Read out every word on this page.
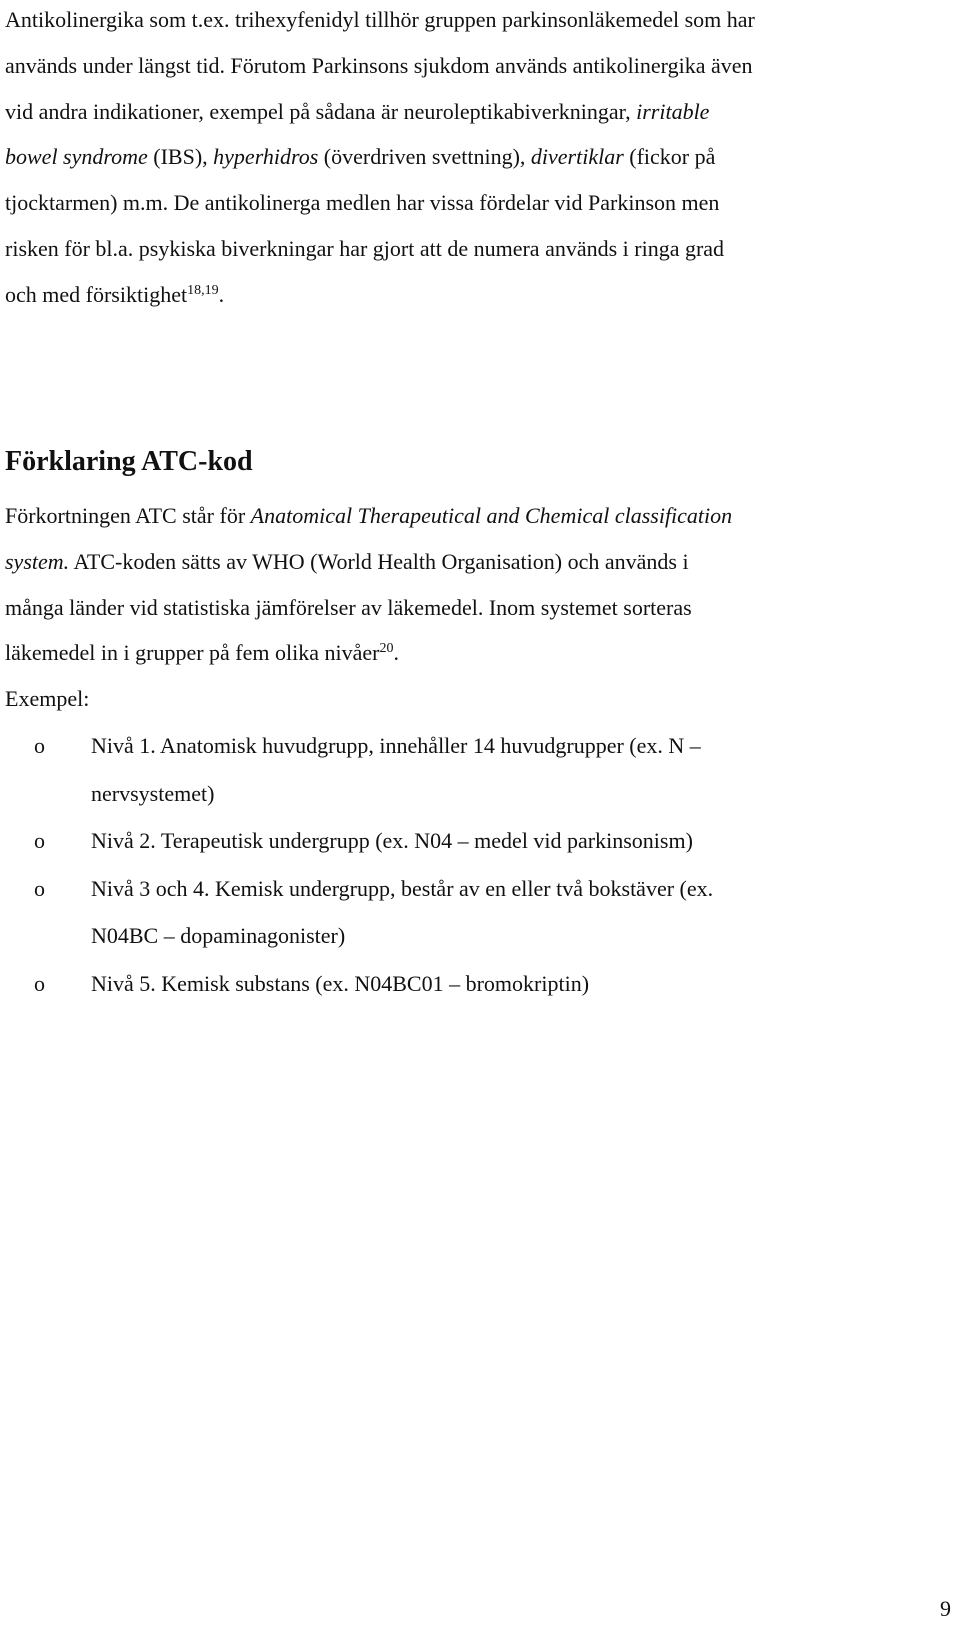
Antikolinergika som t.ex. trihexyfenidyl tillhör gruppen parkinsonläkemedel som har
används under längst tid. Förutom Parkinsons sjukdom används antikolinergika även
vid andra indikationer, exempel på sådana är neuroleptikabiverkningar, irritable
bowel syndrome (IBS), hyperhidros (överdriven svettning), divertiklar (fickor på
tjocktarmen) m.m. De antikolinerga medlen har vissa fördelar vid Parkinson men
risken för bl.a. psykiska biverkningar har gjort att de numera används i ringa grad
och med försiktighet$^{18,19}$.
Förklaring ATC-kod
Förkortningen ATC står för Anatomical Therapeutical and Chemical classification
system. ATC-koden sätts av WHO (World Health Organisation) och används i
många länder vid statistiska jämförelser av läkemedel. Inom systemet sorteras
läkemedel in i grupper på fem olika nivåer$^{20}$.
Exempel:
o	Nivå 1. Anatomisk huvudgrupp, innehåller 14 huvudgrupper (ex. N –
nervsystemet)
o	Nivå 2. Terapeutisk undergrupp (ex. N04 – medel vid parkinsonism)
o	Nivå 3 och 4. Kemisk undergrupp, består av en eller två bokstäver (ex.
N04BC – dopaminagonister)
o	Nivå 5. Kemisk substans (ex. N04BC01 – bromokriptin)
9
